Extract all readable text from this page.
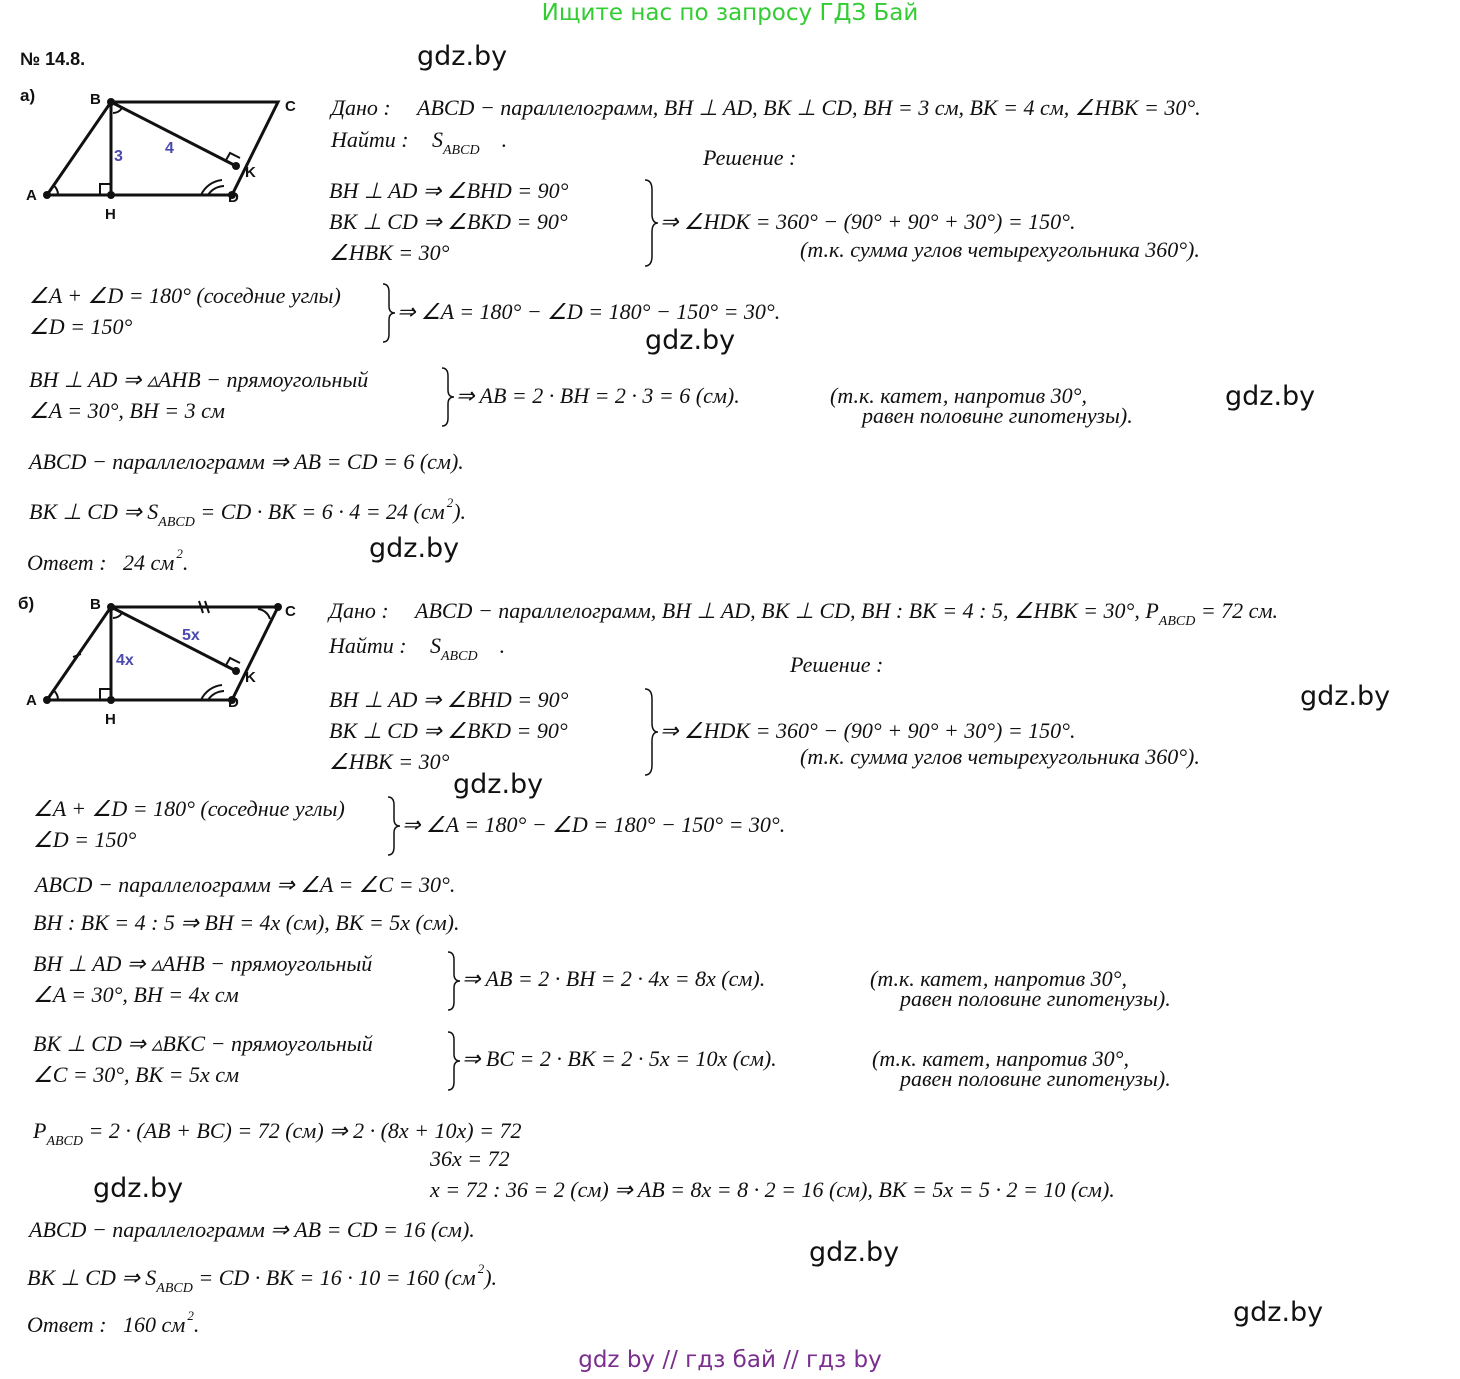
Ищите нас по запросу ГДЗ Бай
№ 14.8.	gdz.by
gdz.by
gdz.by
gdz.by
gdz.by
gdz.by
gdz.by
gdz.by
gdz.by
а)
A
B	C
D
H
K
3	4
Дано : ABCD − параллелограмм, BH ⊥ AD, BK ⊥ CD, BH = 3 см, BK = 4 см, ∠HBK = 30°.
Найти : $S_{ABCD}$ .
Решение :
BH ⊥ AD ⇒ ∠BHD = 90°
BK ⊥ CD ⇒ ∠BKD = 90°
∠HBK = 30°
⇒ ∠HDK = 360° − (90° + 90° + 30°) = 150°.
(т.к. сумма углов четырехугольника 360°).
∠A + ∠D = 180° (соседние углы)
∠D = 150°
⇒ ∠A = 180° − ∠D = 180° − 150° = 30°.
BH ⊥ AD ⇒ ▵AHB − прямоугольный
∠A = 30°, BH = 3 см
⇒ AB = 2 · BH = 2 · 3 = 6 (см).	(т.к. катет, напротив 30°,
равен половине гипотенузы).
ABCD − параллелограмм ⇒ AB = CD = 6 (см).
BK ⊥ CD ⇒ $S_{ABCD}$ = CD · BK = 6 · 4 = 24 (см $^2$).
Ответ : 24 см $^2$.
б)
A
B	C
D
H
K
4x
5x
Дано : ABCD − параллелограмм, BH ⊥ AD, BK ⊥ CD, BH : BK = 4 : 5, ∠HBK = 30°, $P_{ABCD} = 72$ см.
Найти : $S_{ABCD}$ .
Решение :
BH ⊥ AD ⇒ ∠BHD = 90°
BK ⊥ CD ⇒ ∠BKD = 90°
∠HBK = 30°
⇒ ∠HDK = 360° − (90° + 90° + 30°) = 150°.
(т.к. сумма углов четырехугольника 360°).
∠A + ∠D = 180° (соседние углы)
∠D = 150°
⇒ ∠A = 180° − ∠D = 180° − 150° = 30°.
ABCD − параллелограмм ⇒ ∠A = ∠C = 30°.
BH : BK = 4 : 5 ⇒ BH = 4x (см), BK = 5x (см).
BH ⊥ AD ⇒ ▵AHB − прямоугольный
∠A = 30°, BH = 4x см
⇒ AB = 2 · BH = 2 · 4x = 8x (см).	(т.к. катет, напротив 30°,
равен половине гипотенузы).
BK ⊥ CD ⇒ ▵BKC − прямоугольный
∠C = 30°, BK = 5x см
⇒ BC = 2 · BK = 2 · 5x = 10x (см).	(т.к. катет, напротив 30°,
равен половине гипотенузы).
$P_{ABCD} = 2 \cdot (AB + BC) = 72$ (см) ⇒ 2 · (8x + 10x) = 72
36x = 72
x = 72 : 36 = 2 (см) ⇒ AB = 8x = 8 · 2 = 16 (см), BK = 5x = 5 · 2 = 10 (см).
ABCD − параллелограмм ⇒ AB = CD = 16 (см).
BK ⊥ CD ⇒ $S_{ABCD}$ = CD · BK = 16 · 10 = 160 (см $^2$).
Ответ : 160 см $^2$.
gdz by // гдз бай // гдз by
